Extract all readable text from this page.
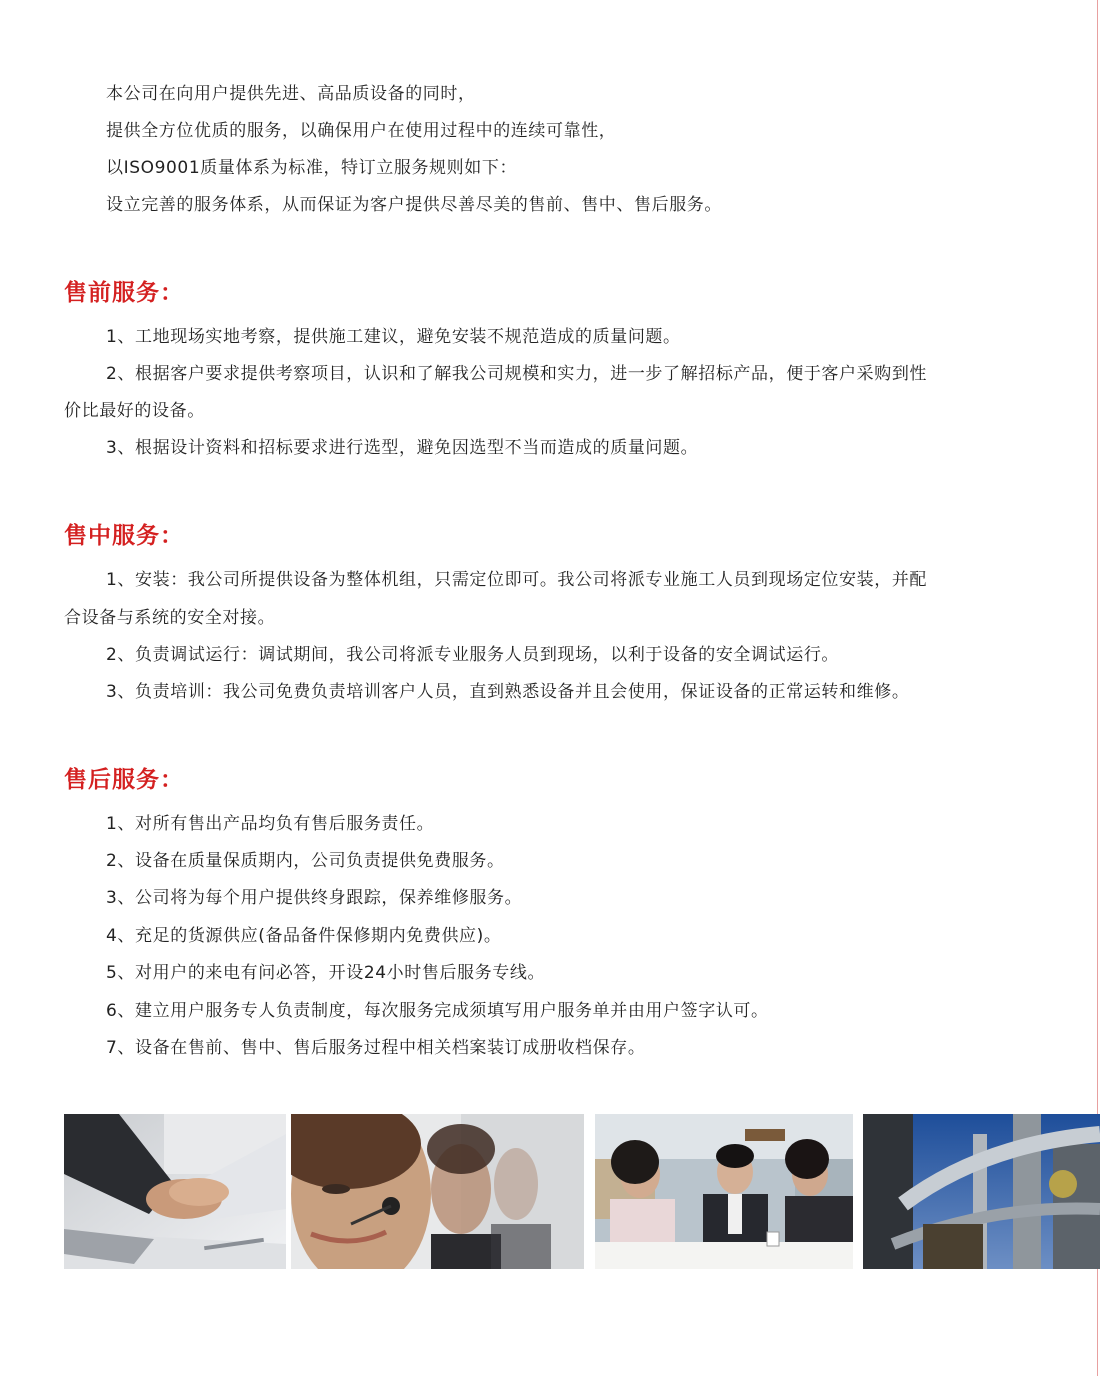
本公司在向用户提供先进、高品质设备的同时，
提供全方位优质的服务，以确保用户在使用过程中的连续可靠性，
以ISO9001质量体系为标准，特订立服务规则如下：
设立完善的服务体系，从而保证为客户提供尽善尽美的售前、售中、售后服务。
售前服务：
1、工地现场实地考察，提供施工建议，避免安装不规范造成的质量问题。
2、根据客户要求提供考察项目，认识和了解我公司规模和实力，进一步了解招标产品，便于客户采购到性
价比最好的设备。
3、根据设计资料和招标要求进行选型，避免因选型不当而造成的质量问题。
售中服务：
1、安装：我公司所提供设备为整体机组，只需定位即可。我公司将派专业施工人员到现场定位安装，并配
合设备与系统的安全对接。
2、负责调试运行：调试期间，我公司将派专业服务人员到现场，以利于设备的安全调试运行。
3、负责培训：我公司免费负责培训客户人员，直到熟悉设备并且会使用，保证设备的正常运转和维修。
售后服务：
1、对所有售出产品均负有售后服务责任。
2、设备在质量保质期内，公司负责提供免费服务。
3、公司将为每个用户提供终身跟踪，保养维修服务。
4、充足的货源供应(备品备件保修期内免费供应)。
5、对用户的来电有问必答，开设24小时售后服务专线。
6、建立用户服务专人负责制度，每次服务完成须填写用户服务单并由用户签字认可。
7、设备在售前、售中、售后服务过程中相关档案装订成册收档保存。
